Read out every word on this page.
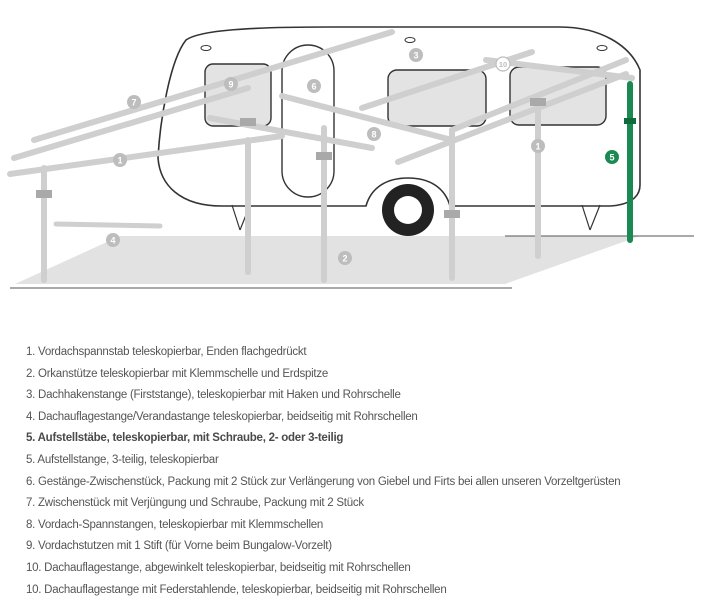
1
1
2
3
4
5
6
7
8
9
10
1. Vordachspannstab teleskopierbar, Enden flachgedrückt
2. Orkanstütze teleskopierbar mit Klemmschelle und Erdspitze
3. Dachhakenstange (Firststange), teleskopierbar mit Haken und Rohrschelle
4. Dachauflagestange/Verandastange teleskopierbar, beidseitig mit Rohrschellen
5. Aufstellstäbe, teleskopierbar, mit Schraube, 2- oder 3-teilig
5. Aufstellstange, 3-teilig, teleskopierbar
6. Gestänge-Zwischenstück, Packung mit 2 Stück zur Verlängerung von Giebel und Firts bei allen unseren Vorzeltgerüsten
7. Zwischenstück mit Verjüngung und Schraube, Packung mit 2 Stück
8. Vordach-Spannstangen, teleskopierbar mit Klemmschellen
9. Vordachstutzen mit 1 Stift (für Vorne beim Bungalow-Vorzelt)
10. Dachauflagestange, abgewinkelt teleskopierbar, beidseitig mit Rohrschellen
10. Dachauflagestange mit Federstahlende, teleskopierbar, beidseitig mit Rohrschellen
